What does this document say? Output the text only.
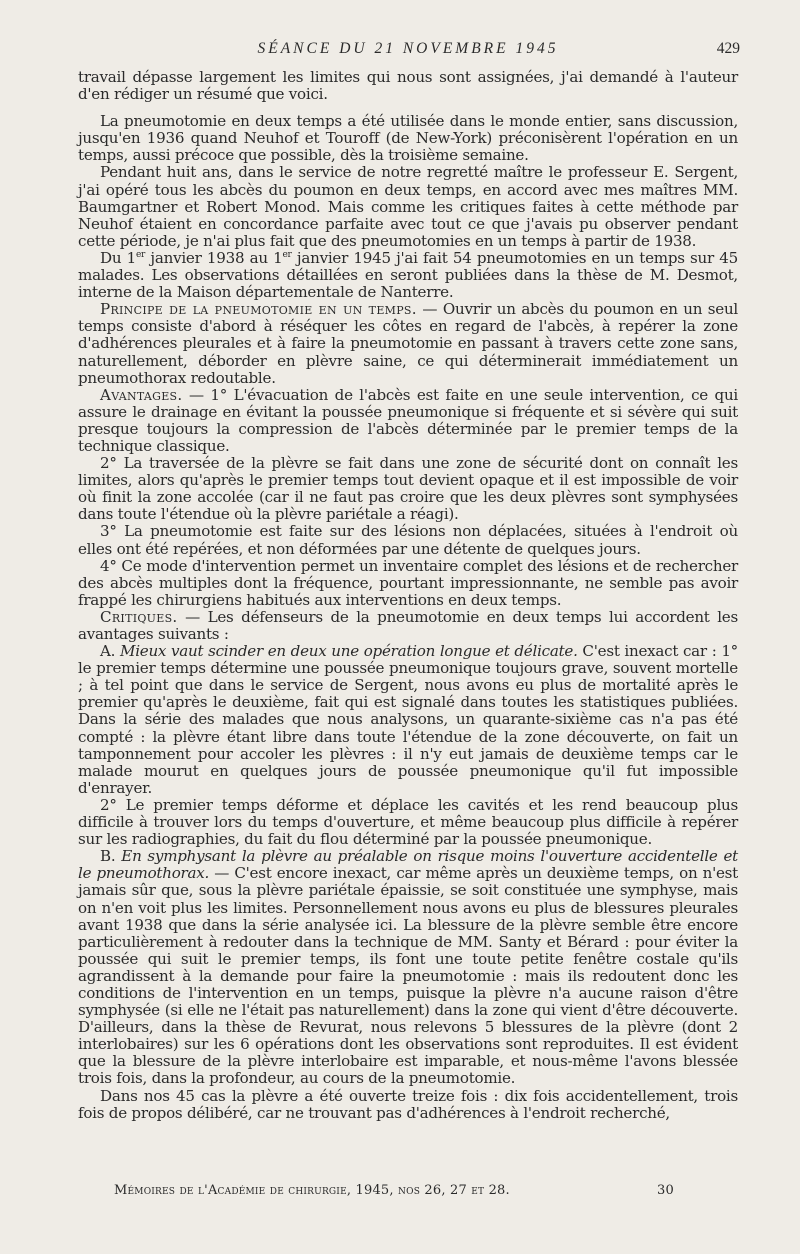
SÉANCE DU 21 NOVEMBRE 1945	429

travail dépasse largement les limites qui nous sont assignées, j'ai demandé à l'auteur d'en rédiger un résumé que voici.

La pneumotomie en deux temps a été utilisée dans le monde entier, sans discussion, jusqu'en 1936 quand Neuhof et Touroff (de New-York) préconisèrent l'opération en un temps, aussi précoce que possible, dès la troisième semaine.

Pendant huit ans, dans le service de notre regretté maître le professeur E. Sergent, j'ai opéré tous les abcès du poumon en deux temps, en accord avec mes maîtres MM. Baumgartner et Robert Monod. Mais comme les critiques faites à cette méthode par Neuhof étaient en concordance parfaite avec tout ce que j'avais pu observer pendant cette période, je n'ai plus fait que des pneumotomies en un temps à partir de 1938.

Du 1er janvier 1938 au 1er janvier 1945 j'ai fait 54 pneumotomies en un temps sur 45 malades. Les observations détaillées en seront publiées dans la thèse de M. Desmot, interne de la Maison départementale de Nanterre.

Principe de la pneumotomie en un temps. — Ouvrir un abcès du poumon en un seul temps consiste d'abord à réséquer les côtes en regard de l'abcès, à repérer la zone d'adhérences pleurales et à faire la pneumotomie en passant à travers cette zone sans, naturellement, déborder en plèvre saine, ce qui déterminerait immédiatement un pneumothorax redoutable.

Avantages. — 1° L'évacuation de l'abcès est faite en une seule intervention, ce qui assure le drainage en évitant la poussée pneumonique si fréquente et si sévère qui suit presque toujours la compression de l'abcès déterminée par le premier temps de la technique classique.

2° La traversée de la plèvre se fait dans une zone de sécurité dont on connaît les limites, alors qu'après le premier temps tout devient opaque et il est impossible de voir où finit la zone accolée (car il ne faut pas croire que les deux plèvres sont symphysées dans toute l'étendue où la plèvre pariétale a réagi).

3° La pneumotomie est faite sur des lésions non déplacées, situées à l'endroit où elles ont été repérées, et non déformées par une détente de quelques jours.

4° Ce mode d'intervention permet un inventaire complet des lésions et de rechercher des abcès multiples dont la fréquence, pourtant impressionnante, ne semble pas avoir frappé les chirurgiens habitués aux interventions en deux temps.

Critiques. — Les défenseurs de la pneumotomie en deux temps lui accordent les avantages suivants :

A. Mieux vaut scinder en deux une opération longue et délicate. C'est inexact car : 1° le premier temps détermine une poussée pneumonique toujours grave, souvent mortelle ; à tel point que dans le service de Sergent, nous avons eu plus de mortalité après le premier qu'après le deuxième, fait qui est signalé dans toutes les statistiques publiées. Dans la série des malades que nous analysons, un quarante-sixième cas n'a pas été compté : la plèvre étant libre dans toute l'étendue de la zone découverte, on fait un tamponnement pour accoler les plèvres : il n'y eut jamais de deuxième temps car le malade mourut en quelques jours de poussée pneumonique qu'il fut impossible d'enrayer.

2° Le premier temps déforme et déplace les cavités et les rend beaucoup plus difficile à trouver lors du temps d'ouverture, et même beaucoup plus difficile à repérer sur les radiographies, du fait du flou déterminé par la poussée pneumonique.

B. En symphysant la plèvre au préalable on risque moins l'ouverture accidentelle et le pneumothorax. — C'est encore inexact, car même après un deuxième temps, on n'est jamais sûr que, sous la plèvre pariétale épaissie, se soit constituée une symphyse, mais on n'en voit plus les limites. Personnellement nous avons eu plus de blessures pleurales avant 1938 que dans la série analysée ici. La blessure de la plèvre semble être encore particulièrement à redouter dans la technique de MM. Santy et Bérard : pour éviter la poussée qui suit le premier temps, ils font une toute petite fenêtre costale qu'ils agrandissent à la demande pour faire la pneumotomie : mais ils redoutent donc les conditions de l'intervention en un temps, puisque la plèvre n'a aucune raison d'être symphysée (si elle ne l'était pas naturellement) dans la zone qui vient d'être découverte. D'ailleurs, dans la thèse de Revurat, nous relevons 5 blessures de la plèvre (dont 2 interlobaires) sur les 6 opérations dont les observations sont reproduites. Il est évident que la blessure de la plèvre interlobaire est imparable, et nous-même l'avons blessée trois fois, dans la profondeur, au cours de la pneumotomie.

Dans nos 45 cas la plèvre a été ouverte treize fois : dix fois accidentellement, trois fois de propos délibéré, car ne trouvant pas d'adhérences à l'endroit recherché,

Mémoires de l'Académie de chirurgie, 1945, nos 26, 27 et 28.	30
